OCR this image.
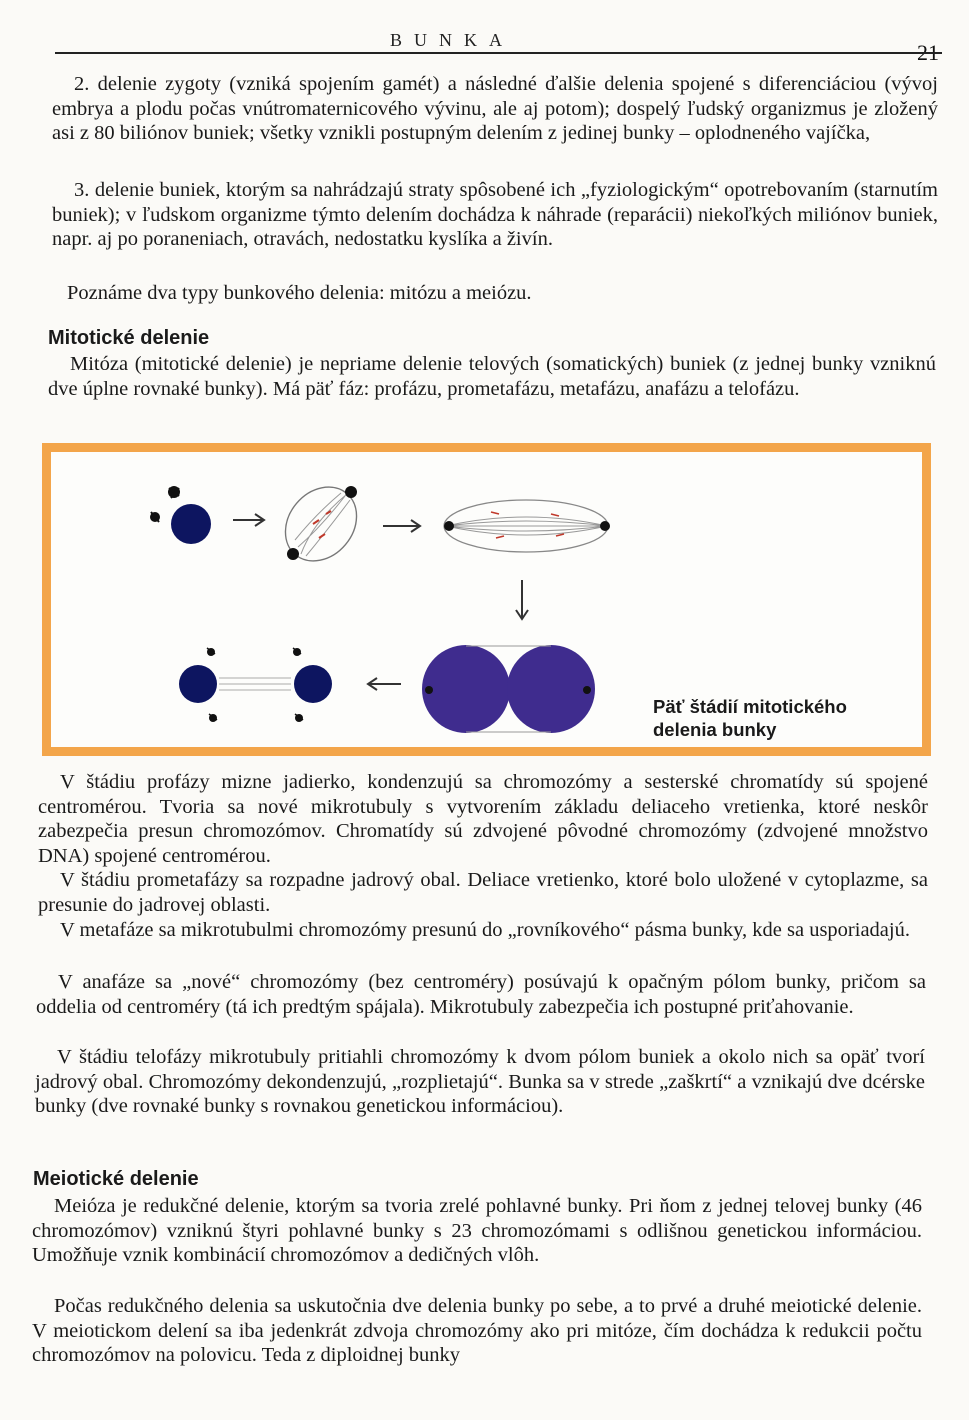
BUNKA	21

2. delenie zygoty (vzniká spojením gamét) a následné ďalšie delenia spojené s diferenciáciou (vývoj embrya a plodu počas vnútromaternicového vývinu, ale aj potom); dospelý ľudský organizmus je zložený asi z 80 biliónov buniek; všetky vznikli postupným delením z jedinej bunky – oplodneného vajíčka,

3. delenie buniek, ktorým sa nahrádzajú straty spôsobené ich „fyziologickým“ opotrebovaním (starnutím buniek); v ľudskom organizme týmto delením dochádza k náhrade (reparácii) niekoľkých miliónov buniek, napr. aj po poraneniach, otravách, nedostatku kyslíka a živín.

Poznáme dva typy bunkového delenia: mitózu a meiózu.

Mitotické delenie

Mitóza (mitotické delenie) je nepriame delenie telových (somatických) buniek (z jednej bunky vzniknú dve úplne rovnaké bunky). Má päť fáz: profázu, prometafázu, metafázu, anafázu a telofázu.

Päť štádií mitotického delenia bunky

V štádiu profázy mizne jadierko, kondenzujú sa chromozómy a sesterské chromatídy sú spojené centromérou. Tvoria sa nové mikrotubuly s vytvorením základu deliaceho vretienka, ktoré neskôr zabezpečia presun chromozómov. Chromatídy sú zdvojené pôvodné chromozómy (zdvojené množstvo DNA) spojené centromérou.

V štádiu prometafázy sa rozpadne jadrový obal. Deliace vretienko, ktoré bolo uložené v cytoplazme, sa presunie do jadrovej oblasti.

V metafáze sa mikrotubulmi chromozómy presunú do „rovníkového“ pásma bunky, kde sa usporiadajú.

V anafáze sa „nové“ chromozómy (bez centroméry) posúvajú k opačným pólom bunky, pričom sa oddelia od centroméry (tá ich predtým spájala). Mikrotubuly zabezpečia ich postupné priťahovanie.

V štádiu telofázy mikrotubuly pritiahli chromozómy k dvom pólom buniek a okolo nich sa opäť tvorí jadrový obal. Chromozómy dekondenzujú, „rozplietajú“. Bunka sa v strede „zaškrtí“ a vznikajú dve dcérske bunky (dve rovnaké bunky s rovnakou genetickou informáciou).

Meiotické delenie

Meióza je redukčné delenie, ktorým sa tvoria zrelé pohlavné bunky. Pri ňom z jednej telovej bunky (46 chromozómov) vzniknú štyri pohlavné bunky s 23 chromozómami s odlišnou genetickou informáciou. Umožňuje vznik kombinácií chromozómov a dedičných vlôh.

Počas redukčného delenia sa uskutočnia dve delenia bunky po sebe, a to prvé a druhé meiotické delenie. V meiotickom delení sa iba jedenkrát zdvoja chromozómy ako pri mitóze, čím dochádza k redukcii počtu chromozómov na polovicu. Teda z diploidnej bunky
